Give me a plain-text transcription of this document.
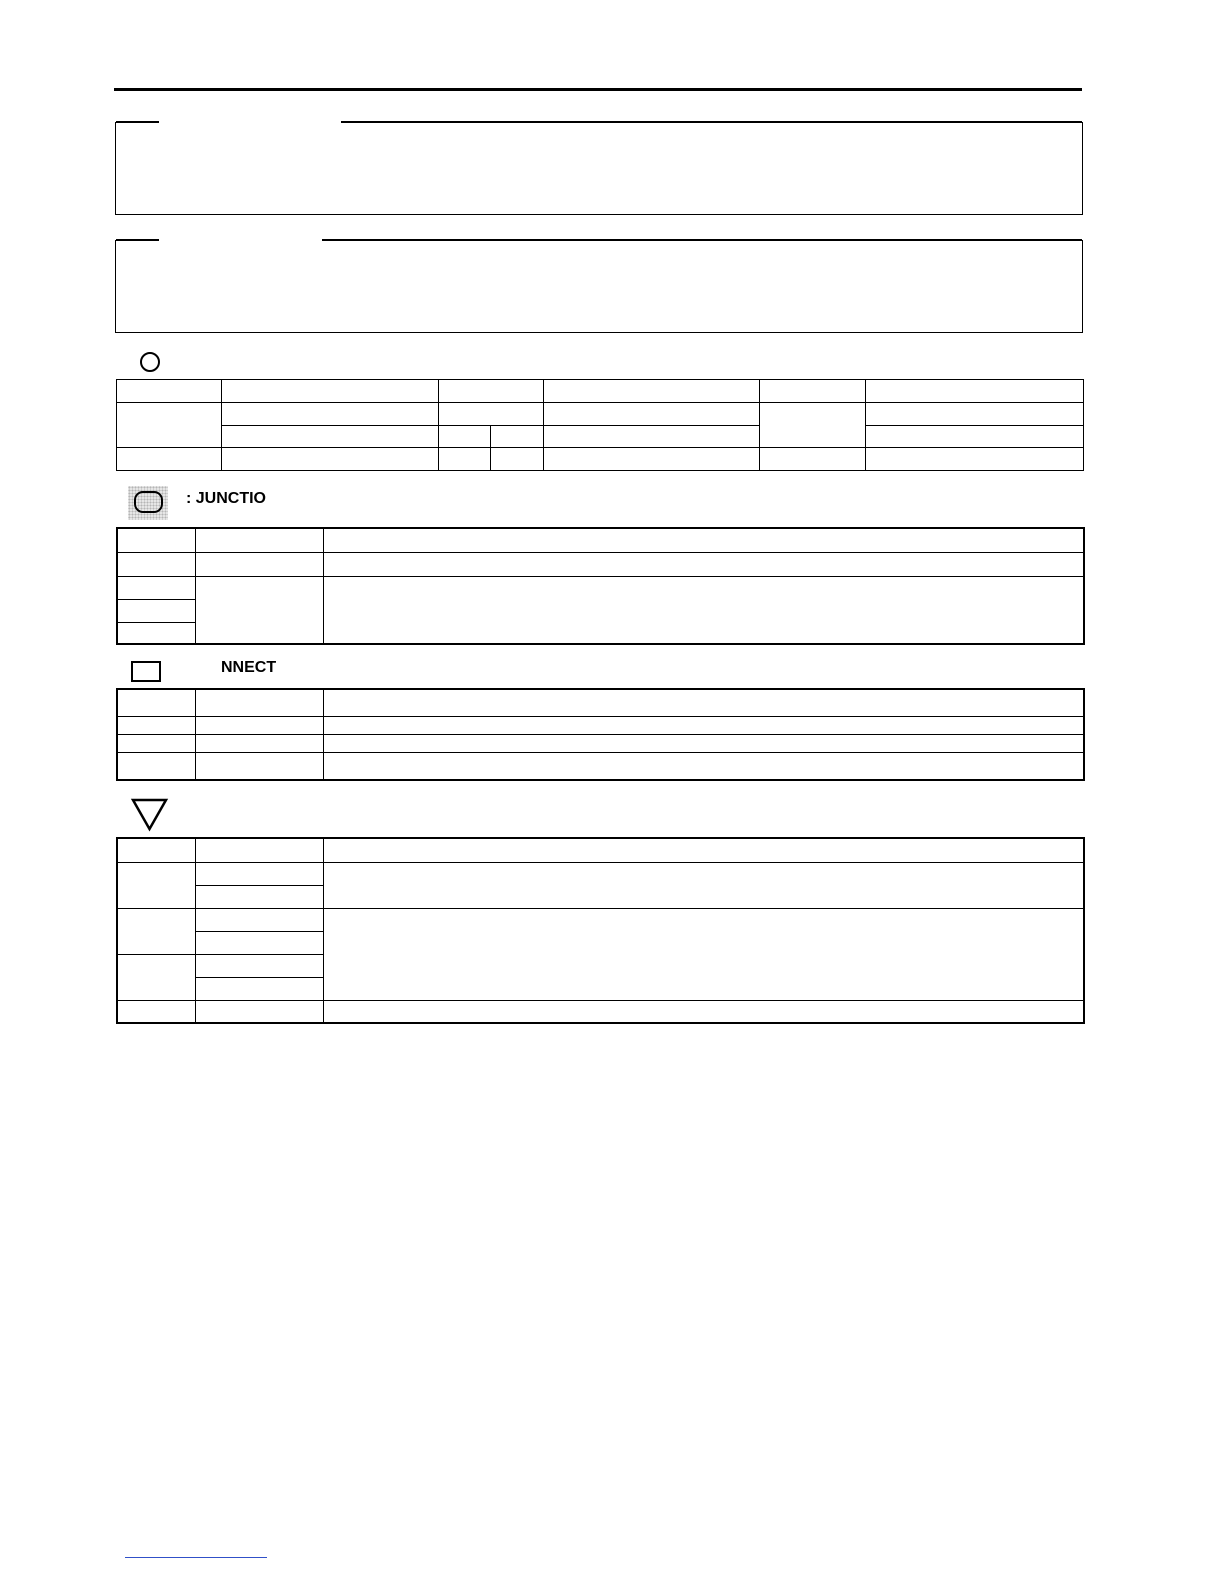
: JUNCTIO

NNECT
